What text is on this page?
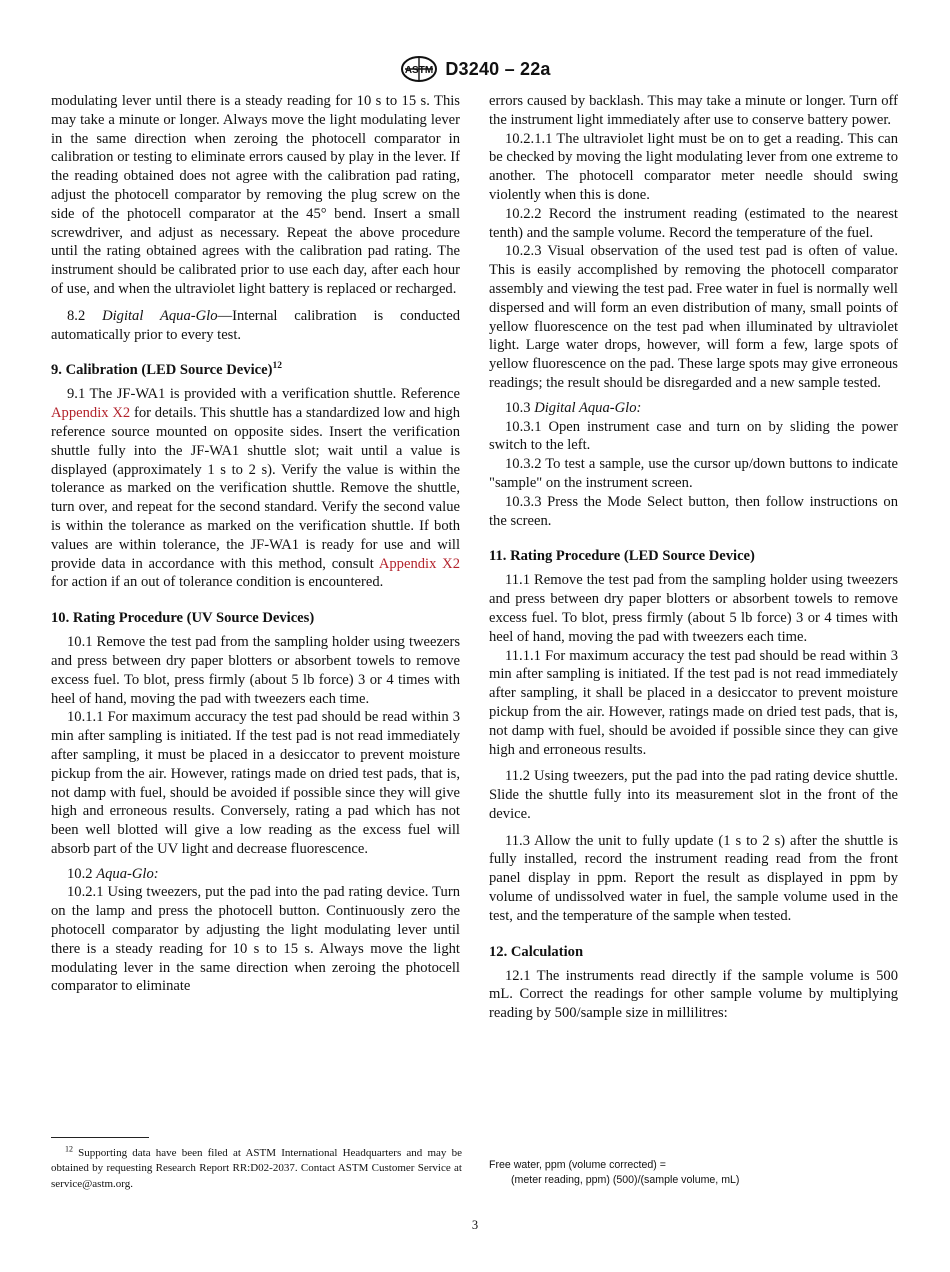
ASTM D3240 – 22a

modulating lever until there is a steady reading for 10 s to 15 s. This may take a minute or longer. Always move the light modulating lever in the same direction when zeroing the photocell comparator in calibration or testing to eliminate errors caused by play in the lever. If the reading obtained does not agree with the calibration pad rating, adjust the photocell comparator by removing the plug screw on the side of the photocell comparator at the 45° bend. Insert a small screwdriver, and adjust as necessary. Repeat the above procedure until the rating obtained agrees with the calibration pad rating. The instrument should be calibrated prior to use each day, after each hour of use, and when the ultraviolet light battery is replaced or recharged.

8.2 Digital Aqua-Glo—Internal calibration is conducted automatically prior to every test.

9. Calibration (LED Source Device)$^{12}$

9.1 The JF-WA1 is provided with a verification shuttle. Reference Appendix X2 for details. This shuttle has a standardized low and high reference source mounted on opposite sides. Insert the verification shuttle fully into the JF-WA1 shuttle slot; wait until a value is displayed (approximately 1 s to 2 s). Verify the value is within the tolerance as marked on the verification shuttle. Remove the shuttle, turn over, and repeat for the second standard. Verify the second value is within the tolerance as marked on the verification shuttle. If both values are within tolerance, the JF-WA1 is ready for use and will provide data in accordance with this method, consult Appendix X2 for action if an out of tolerance condition is encountered.

10. Rating Procedure (UV Source Devices)

10.1 Remove the test pad from the sampling holder using tweezers and press between dry paper blotters or absorbent towels to remove excess fuel. To blot, press firmly (about 5 lb force) 3 or 4 times with heel of hand, moving the pad with tweezers each time.

10.1.1 For maximum accuracy the test pad should be read within 3 min after sampling is initiated. If the test pad is not read immediately after sampling, it must be placed in a desiccator to prevent moisture pickup from the air. However, ratings made on dried test pads, that is, not damp with fuel, should be avoided if possible since they will give high and erroneous results. Conversely, rating a pad which has not been well blotted will give a low reading as the excess fuel will absorb part of the UV light and decrease fluorescence.

10.2 Aqua-Glo:

10.2.1 Using tweezers, put the pad into the pad rating device. Turn on the lamp and press the photocell button. Continuously zero the photocell comparator by adjusting the light modulating lever until there is a steady reading for 10 s to 15 s. Always move the light modulating lever in the same direction when zeroing the photocell comparator to eliminate

errors caused by backlash. This may take a minute or longer. Turn off the instrument light immediately after use to conserve battery power.

10.2.1.1 The ultraviolet light must be on to get a reading. This can be checked by moving the light modulating lever from one extreme to another. The photocell comparator meter needle should swing violently when this is done.

10.2.2 Record the instrument reading (estimated to the nearest tenth) and the sample volume. Record the temperature of the fuel.

10.2.3 Visual observation of the used test pad is often of value. This is easily accomplished by removing the photocell comparator assembly and viewing the test pad. Free water in fuel is normally well dispersed and will form an even distribution of many, small points of yellow fluorescence on the test pad when illuminated by ultraviolet light. Large water drops, however, will form a few, large spots of yellow fluorescence on the pad. These large spots may give erroneous readings; the result should be disregarded and a new sample tested.

10.3 Digital Aqua-Glo:

10.3.1 Open instrument case and turn on by sliding the power switch to the left.

10.3.2 To test a sample, use the cursor up/down buttons to indicate "sample" on the instrument screen.

10.3.3 Press the Mode Select button, then follow instructions on the screen.

11. Rating Procedure (LED Source Device)

11.1 Remove the test pad from the sampling holder using tweezers and press between dry paper blotters or absorbent towels to remove excess fuel. To blot, press firmly (about 5 lb force) 3 or 4 times with heel of hand, moving the pad with tweezers each time.

11.1.1 For maximum accuracy the test pad should be read within 3 min after sampling is initiated. If the test pad is not read immediately after sampling, it shall be placed in a desiccator to prevent moisture pickup from the air. However, ratings made on dried test pads, that is, not damp with fuel, should be avoided if possible since they can give high and erroneous results.

11.2 Using tweezers, put the pad into the pad rating device shuttle. Slide the shuttle fully into its measurement slot in the front of the device.

11.3 Allow the unit to fully update (1 s to 2 s) after the shuttle is fully installed, record the instrument reading read from the front panel display in ppm. Report the result as displayed in ppm by volume of undissolved water in fuel, the sample volume used in the test, and the temperature of the sample when tested.

12. Calculation

12.1 The instruments read directly if the sample volume is 500 mL. Correct the readings for other sample volume by multiplying reading by 500/sample size in millilitres:

Free water, ppm (volume corrected) =
(meter reading, ppm) (500)/(sample volume, mL)
$^{12}$ Supporting data have been filed at ASTM International Headquarters and may be obtained by requesting Research Report RR:D02-2037. Contact ASTM Customer Service at service@astm.org.
3
